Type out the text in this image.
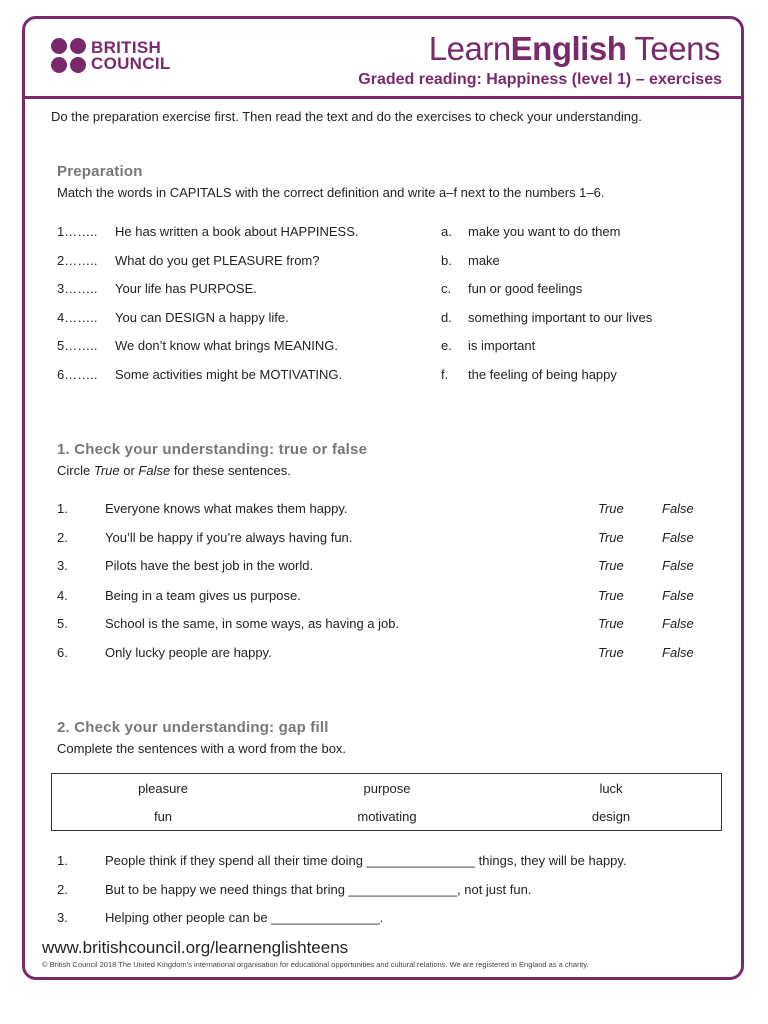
BRITISH
COUNCIL	LearnEnglish Teens
Graded reading: Happiness (level 1) – exercises
Do the preparation exercise first. Then read the text and do the exercises to check your understanding.
Preparation
Match the words in CAPITALS with the correct definition and write a–f next to the numbers 1–6.
1…….. He has written a book about HAPPINESS.	a. make you want to do them
2…….. What do you get PLEASURE from?	b. make
3…….. Your life has PURPOSE.	c. fun or good feelings
4…….. You can DESIGN a happy life.	d. something important to our lives
5…….. We don’t know what brings MEANING.	e. is important
6…….. Some activities might be MOTIVATING.	f. the feeling of being happy
1. Check your understanding: true or false
Circle True or False for these sentences.
1.	Everyone knows what makes them happy.	True	False
2.	You’ll be happy if you’re always having fun.	True	False
3.	Pilots have the best job in the world.	True	False
4.	Being in a team gives us purpose.	True	False
5.	School is the same, in some ways, as having a job.	True	False
6.	Only lucky people are happy.	True	False
2. Check your understanding: gap fill
Complete the sentences with a word from the box.
pleasure	purpose	luck
fun	motivating	design
1.	People think if they spend all their time doing _______________ things, they will be happy.
2.	But to be happy we need things that bring _______________, not just fun.
3.	Helping other people can be _______________.
www.britishcouncil.org/learnenglishteens
© British Council 2018 The United Kingdom’s international organisation for educational opportunities and cultural relations. We are registered in England as a charity.
